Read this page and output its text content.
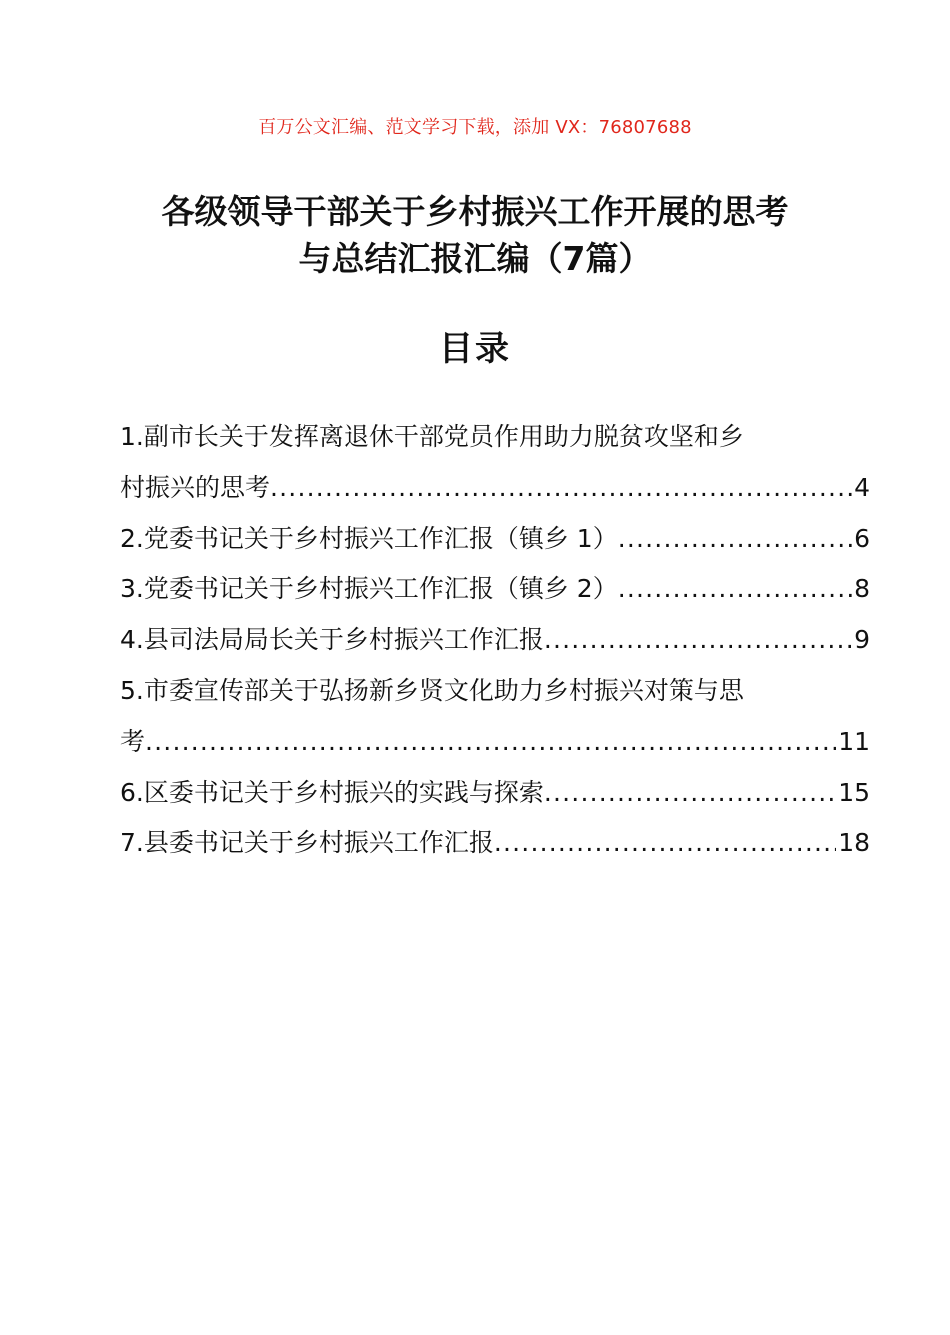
百万公文汇编、范文学习下载，添加 VX：76807688
各级领导干部关于乡村振兴工作开展的思考
与总结汇报汇编（7篇）
目录
1.副市长关于发挥离退休干部党员作用助力脱贫攻坚和乡
村振兴的思考 .....	4
2.党委书记关于乡村振兴工作汇报（镇乡 1） .....	6
3.党委书记关于乡村振兴工作汇报（镇乡 2） .....	8
4.县司法局局长关于乡村振兴工作汇报 .....	9
5.市委宣传部关于弘扬新乡贤文化助力乡村振兴对策与思
考 .....	11
6.区委书记关于乡村振兴的实践与探索 .....	15
7.县委书记关于乡村振兴工作汇报 .....	18
